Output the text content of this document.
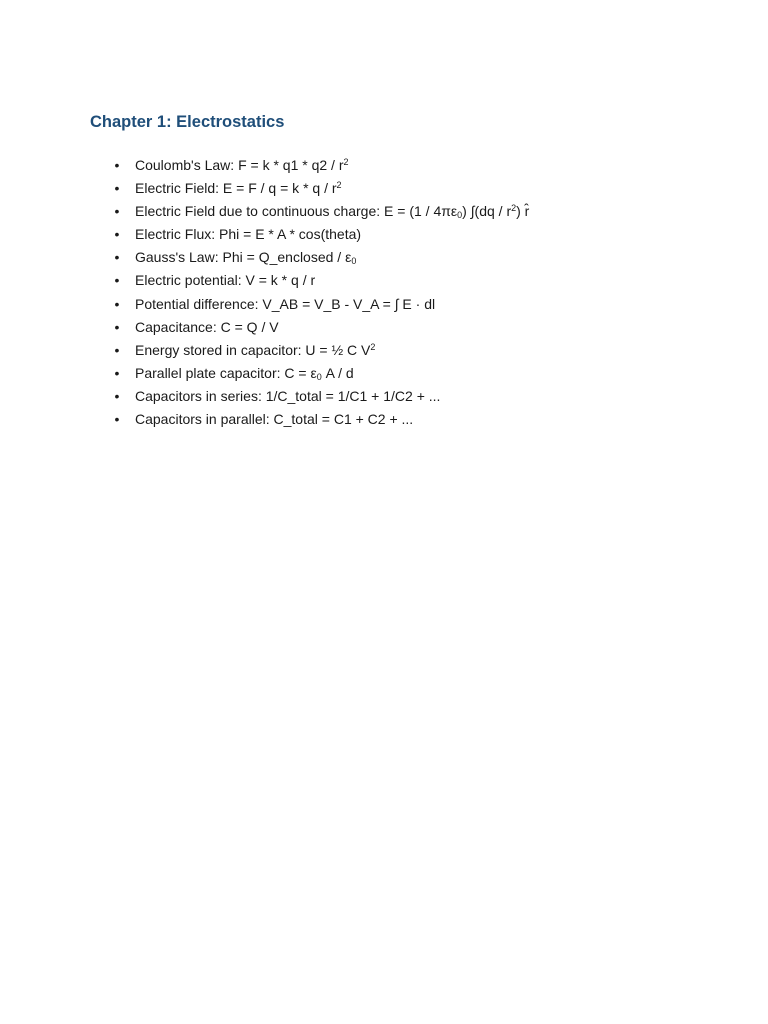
Chapter 1: Electrostatics
• Coulomb's Law: $F = k * q1 * q2 / r^2$
• Electric Field: $E = F / q = k * q / r^2$
• Electric Field due to continuous charge: $E = (1 / 4\pi\varepsilon_0)$ $\int(dq / r^2)$ r̂
• Electric Flux: Phi = E * A * cos(theta)
• Gauss's Law: Phi = Q_enclosed / $\varepsilon_0$
• Electric potential: V = k * q / r
• Potential difference: V_AB = V_B - V_A = ∫ E · dl
• Capacitance: C = Q / V
• Energy stored in capacitor: U = ½ C $V^2$
• Parallel plate capacitor: $C = \varepsilon_0$ A / d
• Capacitors in series: 1/C_total = 1/C1 + 1/C2 + ...
• Capacitors in parallel: C_total = C1 + C2 + ...
